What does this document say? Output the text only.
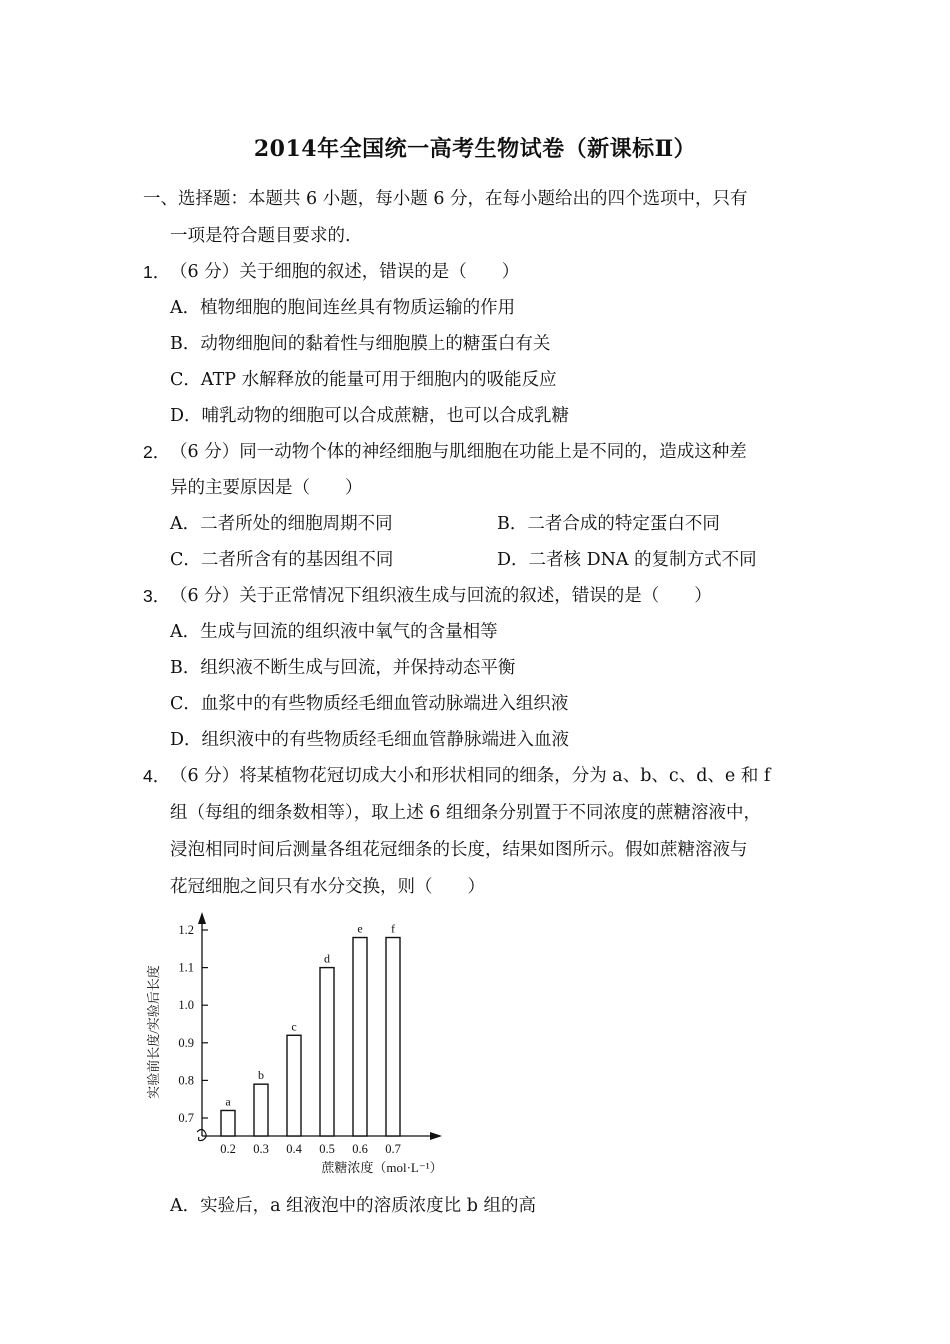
2014年全国统一高考生物试卷（新课标Ⅱ）
一、选择题：本题共 6 小题，每小题 6 分，在每小题给出的四个选项中，只有
一项是符合题目要求的.
1． （6 分）关于细胞的叙述，错误的是（　　）
A．植物细胞的胞间连丝具有物质运输的作用
B．动物细胞间的黏着性与细胞膜上的糖蛋白有关
C．ATP 水解释放的能量可用于细胞内的吸能反应
D．哺乳动物的细胞可以合成蔗糖，也可以合成乳糖
2． （6 分）同一动物个体的神经细胞与肌细胞在功能上是不同的，造成这种差
异的主要原因是（　　）
A．二者所处的细胞周期不同	B．二者合成的特定蛋白不同
C．二者所含有的基因组不同	D．二者核 DNA 的复制方式不同
3． （6 分）关于正常情况下组织液生成与回流的叙述，错误的是（　　）
A．生成与回流的组织液中氧气的含量相等
B．组织液不断生成与回流，并保持动态平衡
C．血浆中的有些物质经毛细血管动脉端进入组织液
D．组织液中的有些物质经毛细血管静脉端进入血液
4． （6 分）将某植物花冠切成大小和形状相同的细条，分为 a、b、c、d、e 和 f
组（每组的细条数相等），取上述 6 组细条分别置于不同浓度的蔗糖溶液中，
浸泡相同时间后测量各组花冠细条的长度，结果如图所示。假如蔗糖溶液与
花冠细胞之间只有水分交换，则（　　）
0.7
0.8
0.9
1.0
1.1
1.2
a
0.2
b
0.3
c
0.4
d
0.5
e
0.6
f
0.7
蔗糖浓度（mol·L⁻¹）
实验前长度/实验后长度
A．实验后，a 组液泡中的溶质浓度比 b 组的高
